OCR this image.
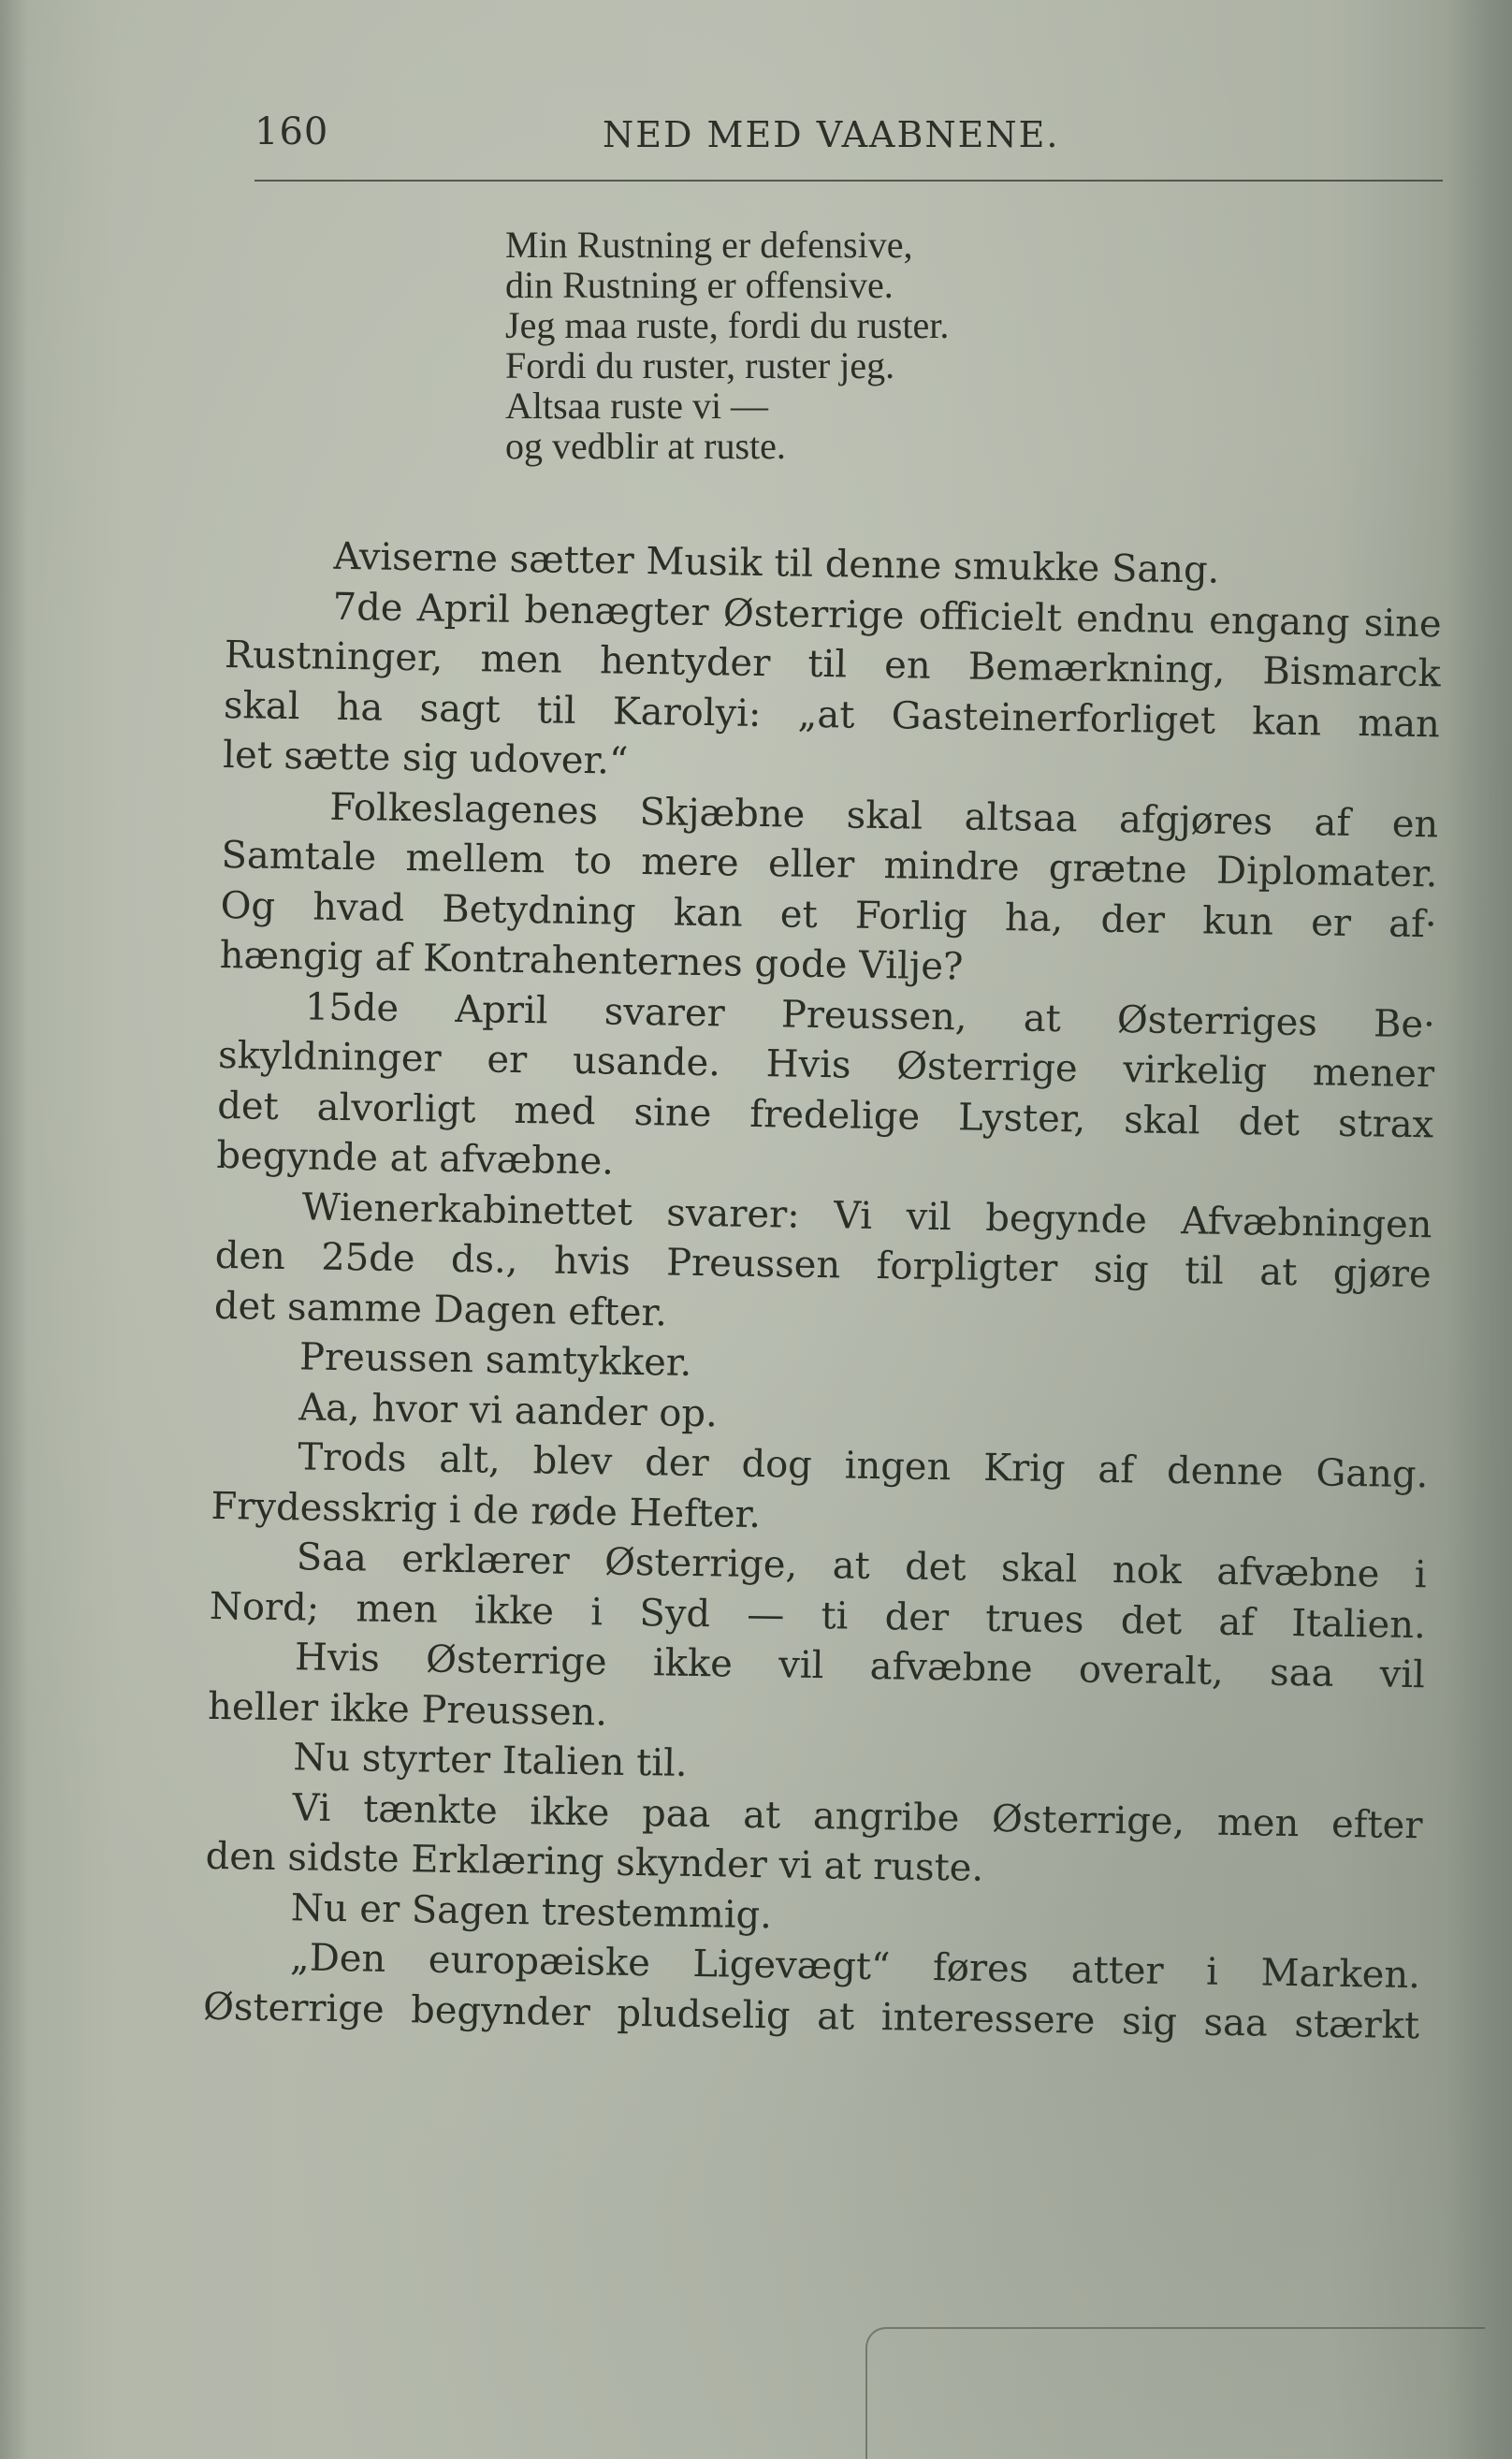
160	NED MED VAABNENE.
Min Rustning er defensive,
din Rustning er offensive.
Jeg maa ruste, fordi du ruster.
Fordi du ruster, ruster jeg.
Altsaa ruste vi —
og vedblir at ruste.
Aviserne sætter Musik til denne smukke Sang.
7de April benægter Østerrige officielt endnu engang sine
Rustninger, men hentyder til en Bemærkning, Bismarck
skal ha sagt til Karolyi: „at Gasteinerforliget kan man
let sætte sig udover.“
Folkeslagenes Skjæbne skal altsaa afgjøres af en
Samtale mellem to mere eller mindre grætne Diplomater.
Og hvad Betydning kan et Forlig ha, der kun er af·
hængig af Kontrahenternes gode Vilje?
15de April svarer Preussen, at Østerriges Be·
skyldninger er usande. Hvis Østerrige virkelig mener
det alvorligt med sine fredelige Lyster, skal det strax
begynde at afvæbne.
Wienerkabinettet svarer: Vi vil begynde Afvæbningen
den 25de ds., hvis Preussen forpligter sig til at gjøre
det samme Dagen efter.
Preussen samtykker.
Aa, hvor vi aander op.
Trods alt, blev der dog ingen Krig af denne Gang.
Frydesskrig i de røde Hefter.
Saa erklærer Østerrige, at det skal nok afvæbne i
Nord; men ikke i Syd — ti der trues det af Italien.
Hvis Østerrige ikke vil afvæbne overalt, saa vil
heller ikke Preussen.
Nu styrter Italien til.
Vi tænkte ikke paa at angribe Østerrige, men efter
den sidste Erklæring skynder vi at ruste.
Nu er Sagen trestemmig.
„Den europæiske Ligevægt“ føres atter i Marken.
Østerrige begynder pludselig at interessere sig saa stærkt
